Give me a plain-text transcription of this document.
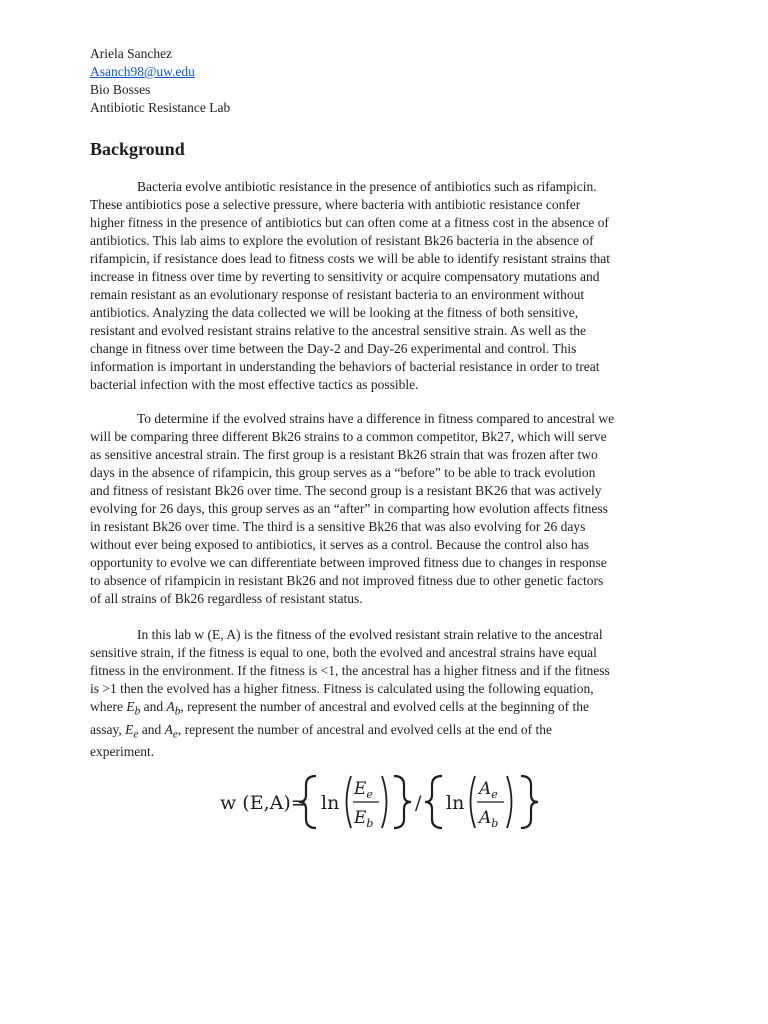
Ariela Sanchez
Asanch98@uw.edu
Bio Bosses
Antibiotic Resistance Lab
Background
Bacteria evolve antibiotic resistance in the presence of antibiotics such as rifampicin.
These antibiotics pose a selective pressure, where bacteria with antibiotic resistance confer
higher fitness in the presence of antibiotics but can often come at a fitness cost in the absence of
antibiotics. This lab aims to explore the evolution of resistant Bk26 bacteria in the absence of
rifampicin, if resistance does lead to fitness costs we will be able to identify resistant strains that
increase in fitness over time by reverting to sensitivity or acquire compensatory mutations and
remain resistant as an evolutionary response of resistant bacteria to an environment without
antibiotics. Analyzing the data collected we will be looking at the fitness of both sensitive,
resistant and evolved resistant strains relative to the ancestral sensitive strain. As well as the
change in fitness over time between the Day-2 and Day-26 experimental and control. This
information is important in understanding the behaviors of bacterial resistance in order to treat
bacterial infection with the most effective tactics as possible.
To determine if the evolved strains have a difference in fitness compared to ancestral we
will be comparing three different Bk26 strains to a common competitor, Bk27, which will serve
as sensitive ancestral strain. The first group is a resistant Bk26 strain that was frozen after two
days in the absence of rifampicin, this group serves as a “before” to be able to track evolution
and fitness of resistant Bk26 over time. The second group is a resistant BK26 that was actively
evolving for 26 days, this group serves as an “after” in comparting how evolution affects fitness
in resistant Bk26 over time. The third is a sensitive Bk26 that was also evolving for 26 days
without ever being exposed to antibiotics, it serves as a control. Because the control also has
opportunity to evolve we can differentiate between improved fitness due to changes in response
to absence of rifampicin in resistant Bk26 and not improved fitness due to other genetic factors
of all strains of Bk26 regardless of resistant status.
In this lab w (E, A) is the fitness of the evolved resistant strain relative to the ancestral
sensitive strain, if the fitness is equal to one, both the evolved and ancestral strains have equal
fitness in the environment. If the fitness is <1, the ancestral has a higher fitness and if the fitness
is >1 then the evolved has a higher fitness. Fitness is calculated using the following equation,
where $E_b$ and $A_b$, represent the number of ancestral and evolved cells at the beginning of the
assay, $E_e$ and $A_e$, represent the number of ancestral and evolved cells at the end of the
experiment.
w (E,A)= ln
$E_e$
$E_b$
/ ln
$A_e$
$A_b$
